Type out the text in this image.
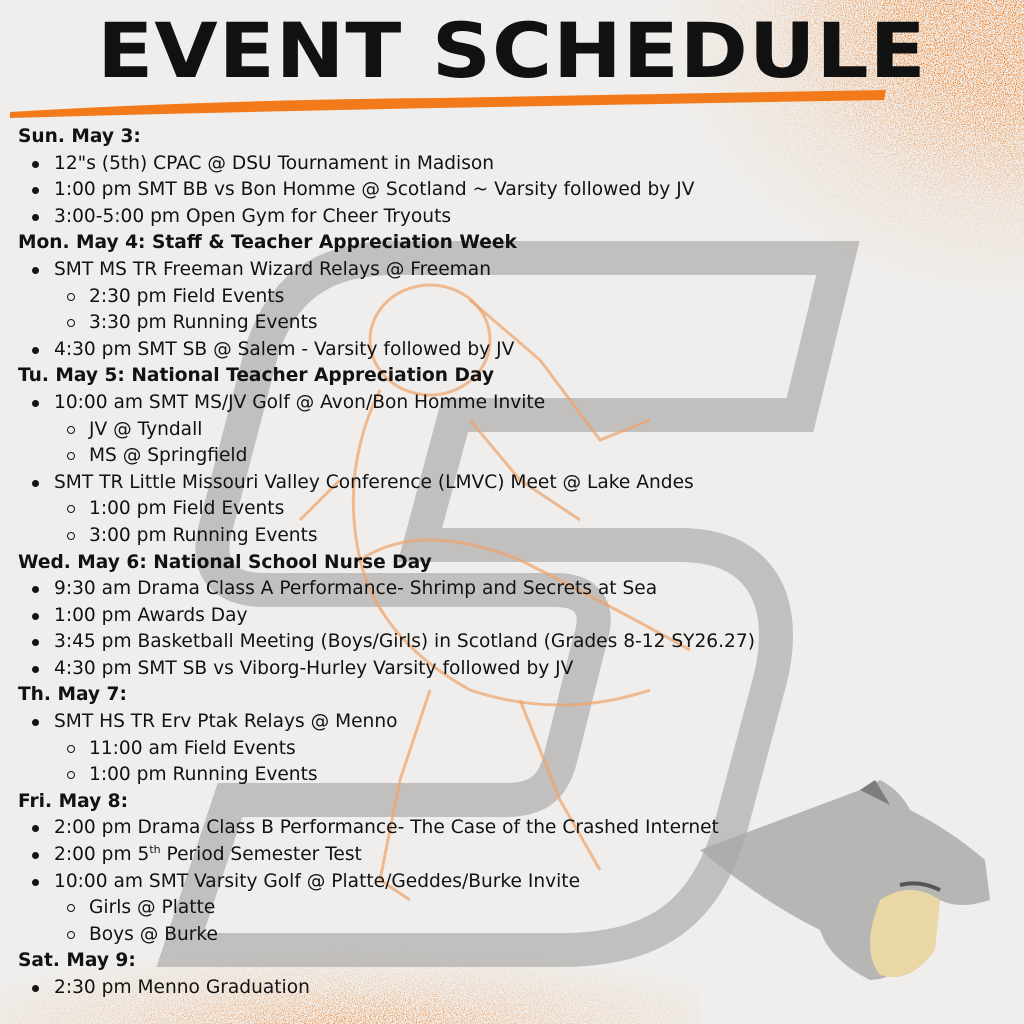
EVENT SCHEDULE
Sun. May 3:
12"s (5th) CPAC @ DSU Tournament in Madison
1:00 pm SMT BB vs Bon Homme @ Scotland ~ Varsity followed by JV
3:00-5:00 pm Open Gym for Cheer Tryouts
Mon. May 4: Staff & Teacher Appreciation Week
SMT MS TR Freeman Wizard Relays @ Freeman
2:30 pm Field Events
3:30 pm Running Events
4:30 pm SMT SB @ Salem - Varsity followed by JV
Tu. May 5: National Teacher Appreciation Day
10:00 am SMT MS/JV Golf @ Avon/Bon Homme Invite
JV @ Tyndall
MS @ Springfield
SMT TR Little Missouri Valley Conference (LMVC) Meet @ Lake Andes
1:00 pm Field Events
3:00 pm Running Events
Wed. May 6: National School Nurse Day
9:30 am Drama Class A Performance- Shrimp and Secrets at Sea
1:00 pm Awards Day
3:45 pm Basketball Meeting (Boys/Girls) in Scotland (Grades 8-12 SY26.27)
4:30 pm SMT SB vs Viborg-Hurley Varsity followed by JV
Th. May 7:
SMT HS TR Erv Ptak Relays @ Menno
11:00 am Field Events
1:00 pm Running Events
Fri. May 8:
2:00 pm Drama Class B Performance- The Case of the Crashed Internet
2:00 pm 5th Period Semester Test
10:00 am SMT Varsity Golf @ Platte/Geddes/Burke Invite
Girls @ Platte
Boys @ Burke
Sat. May 9:
2:30 pm Menno Graduation
